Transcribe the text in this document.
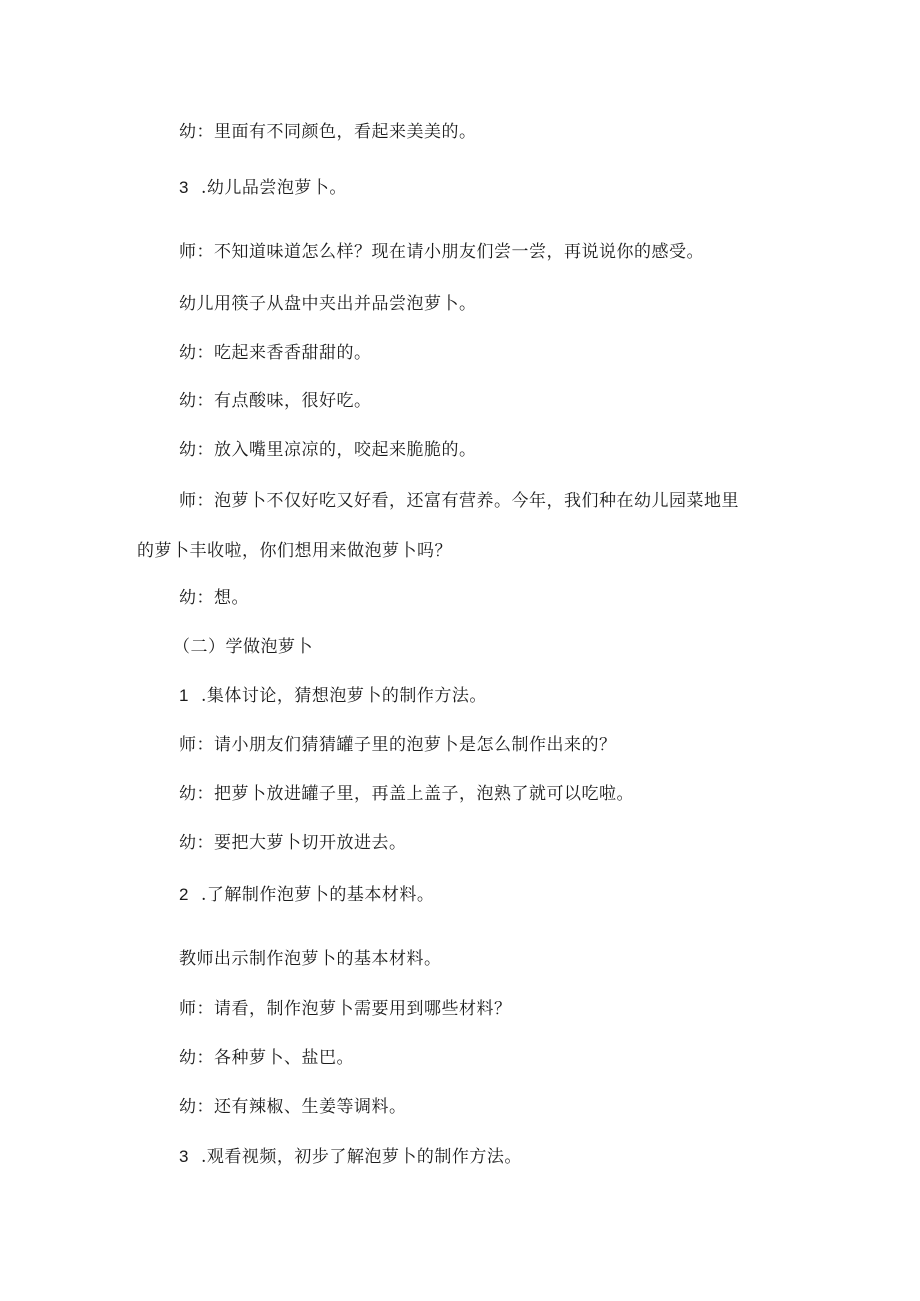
幼：里面有不同颜色，看起来美美的。
3 .幼儿品尝泡萝卜。
师：不知道味道怎么样？现在请小朋友们尝一尝，再说说你的感受。
幼儿用筷子从盘中夹出并品尝泡萝卜。
幼：吃起来香香甜甜的。
幼：有点酸味，很好吃。
幼：放入嘴里凉凉的，咬起来脆脆的。
师：泡萝卜不仅好吃又好看，还富有营养。今年，我们种在幼儿园菜地里
的萝卜丰收啦，你们想用来做泡萝卜吗？
幼：想。
（二）学做泡萝卜
1 .集体讨论，猜想泡萝卜的制作方法。
师：请小朋友们猜猜罐子里的泡萝卜是怎么制作出来的？
幼：把萝卜放进罐子里，再盖上盖子，泡熟了就可以吃啦。
幼：要把大萝卜切开放进去。
2 .了解制作泡萝卜的基本材料。
教师出示制作泡萝卜的基本材料。
师：请看，制作泡萝卜需要用到哪些材料？
幼：各种萝卜、盐巴。
幼：还有辣椒、生姜等调料。
3 .观看视频，初步了解泡萝卜的制作方法。
